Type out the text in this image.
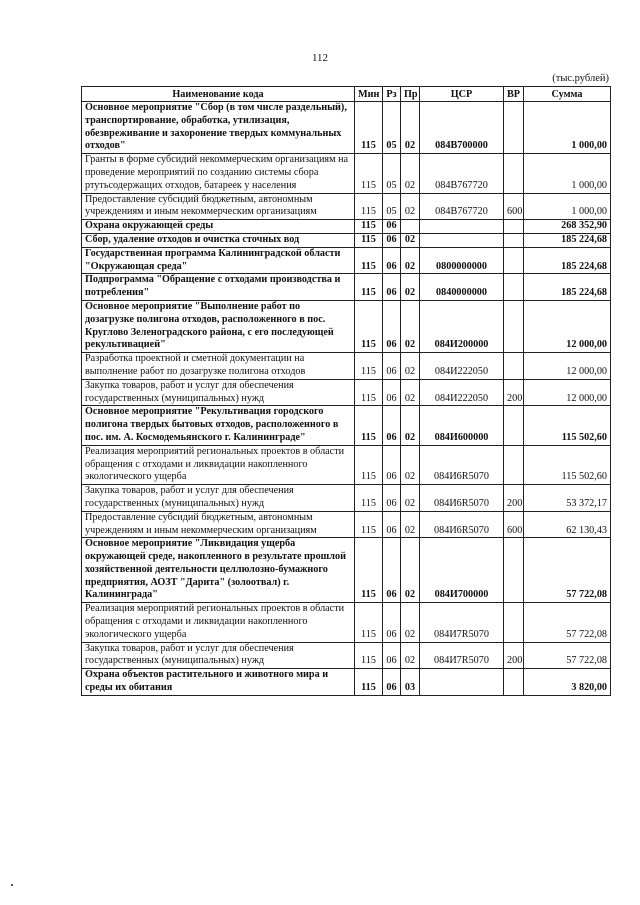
112
(тыс.рублей)
Наименование кода	Мин	Рз	Пр	ЦСР	ВР	Сумма
Основное мероприятие "Сбор (в том числе раздельный), транспортирование, обработка, утилизация, обезвреживание и захоронение твердых коммунальных отходов"	115	05	02	084В700000		1 000,00
Гранты в форме субсидий некоммерческим организациям на проведение мероприятий по созданию системы сбора ртутьсодержащих отходов, батареек у населения	115	05	02	084В767720		1 000,00
Предоставление субсидий бюджетным, автономным учреждениям и иным некоммерческим организациям	115	05	02	084В767720	600	1 000,00
Охрана окружающей среды	115	06				268 352,90
Сбор, удаление отходов и очистка сточных вод	115	06	02			185 224,68
Государственная программа Калининградской области "Окружающая среда"	115	06	02	0800000000		185 224,68
Подпрограмма "Обращение с отходами производства и потребления"	115	06	02	0840000000		185 224,68
Основное мероприятие "Выполнение работ по дозагрузке полигона отходов, расположенного в пос. Круглово Зеленоградского района, с его последующей рекультивацией"	115	06	02	084И200000		12 000,00
Разработка проектной и сметной документации на выполнение работ по дозагрузке полигона отходов	115	06	02	084И222050		12 000,00
Закупка товаров, работ и услуг для обеспечения государственных (муниципальных) нужд	115	06	02	084И222050	200	12 000,00
Основное мероприятие "Рекультивация городского полигона твердых бытовых отходов, расположенного в пос. им. А. Космодемьянского г. Калининграде"	115	06	02	084И600000		115 502,60
Реализация мероприятий региональных проектов в области обращения с отходами и ликвидации накопленного экологического ущерба	115	06	02	084И6R5070		115 502,60
Закупка товаров, работ и услуг для обеспечения государственных (муниципальных) нужд	115	06	02	084И6R5070	200	53 372,17
Предоставление субсидий бюджетным, автономным учреждениям и иным некоммерческим организациям	115	06	02	084И6R5070	600	62 130,43
Основное мероприятие "Ликвидация ущерба окружающей среде, накопленного в результате прошлой хозяйственной деятельности целлюлозно-бумажного предприятия, АОЗТ "Дарита" (золоотвал) г. Калининграда"	115	06	02	084И700000		57 722,08
Реализация мероприятий региональных проектов в области обращения с отходами и ликвидации накопленного экологического ущерба	115	06	02	084И7R5070		57 722,08
Закупка товаров, работ и услуг для обеспечения государственных (муниципальных) нужд	115	06	02	084И7R5070	200	57 722,08
Охрана объектов растительного и животного мира и среды их обитания	115	06	03			3 820,00
